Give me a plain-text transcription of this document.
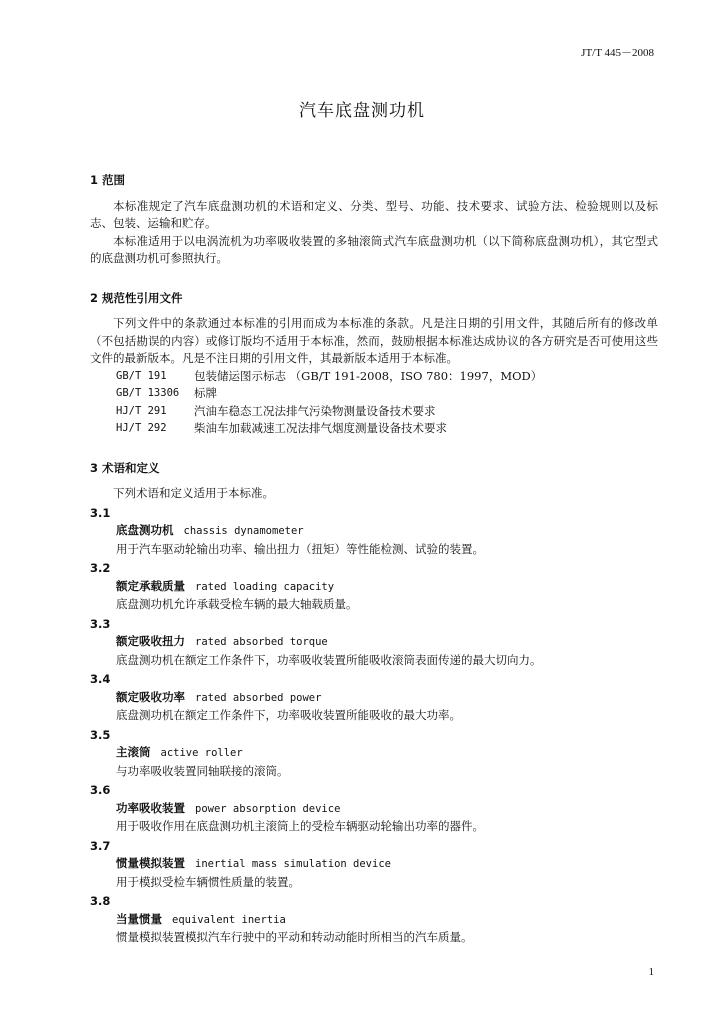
JT/T 445－2008
汽车底盘测功机
1 范围
本标准规定了汽车底盘测功机的术语和定义、分类、型号、功能、技术要求、试验方法、检验规则以及标志、包装、运输和贮存。
本标准适用于以电涡流机为功率吸收装置的多轴滚筒式汽车底盘测功机（以下简称底盘测功机），其它型式的底盘测功机可参照执行。
2 规范性引用文件
下列文件中的条款通过本标准的引用而成为本标准的条款。凡是注日期的引用文件，其随后所有的修改单（不包括勘误的内容）或修订版均不适用于本标准，然而，鼓励根据本标准达成协议的各方研究是否可使用这些文件的最新版本。凡是不注日期的引用文件，其最新版本适用于本标准。
GB/T 191	包装储运图示标志 （GB/T 191-2008，ISO 780：1997，MOD）
GB/T 13306	标牌
HJ/T 291	汽油车稳态工况法排气污染物测量设备技术要求
HJ/T 292	柴油车加载减速工况法排气烟度测量设备技术要求
3 术语和定义
下列术语和定义适用于本标准。
3.1
底盘测功机 chassis dynamometer
用于汽车驱动轮输出功率、输出扭力（扭矩）等性能检测、试验的装置。
3.2
额定承载质量 rated loading capacity
底盘测功机允许承载受检车辆的最大轴载质量。
3.3
额定吸收扭力 rated absorbed torque
底盘测功机在额定工作条件下，功率吸收装置所能吸收滚筒表面传递的最大切向力。
3.4
额定吸收功率 rated absorbed power
底盘测功机在额定工作条件下，功率吸收装置所能吸收的最大功率。
3.5
主滚筒 active roller
与功率吸收装置同轴联接的滚筒。
3.6
功率吸收装置 power absorption device
用于吸收作用在底盘测功机主滚筒上的受检车辆驱动轮输出功率的器件。
3.7
惯量模拟装置 inertial mass simulation device
用于模拟受检车辆惯性质量的装置。
3.8
当量惯量 equivalent inertia
惯量模拟装置模拟汽车行驶中的平动和转动动能时所相当的汽车质量。
1
